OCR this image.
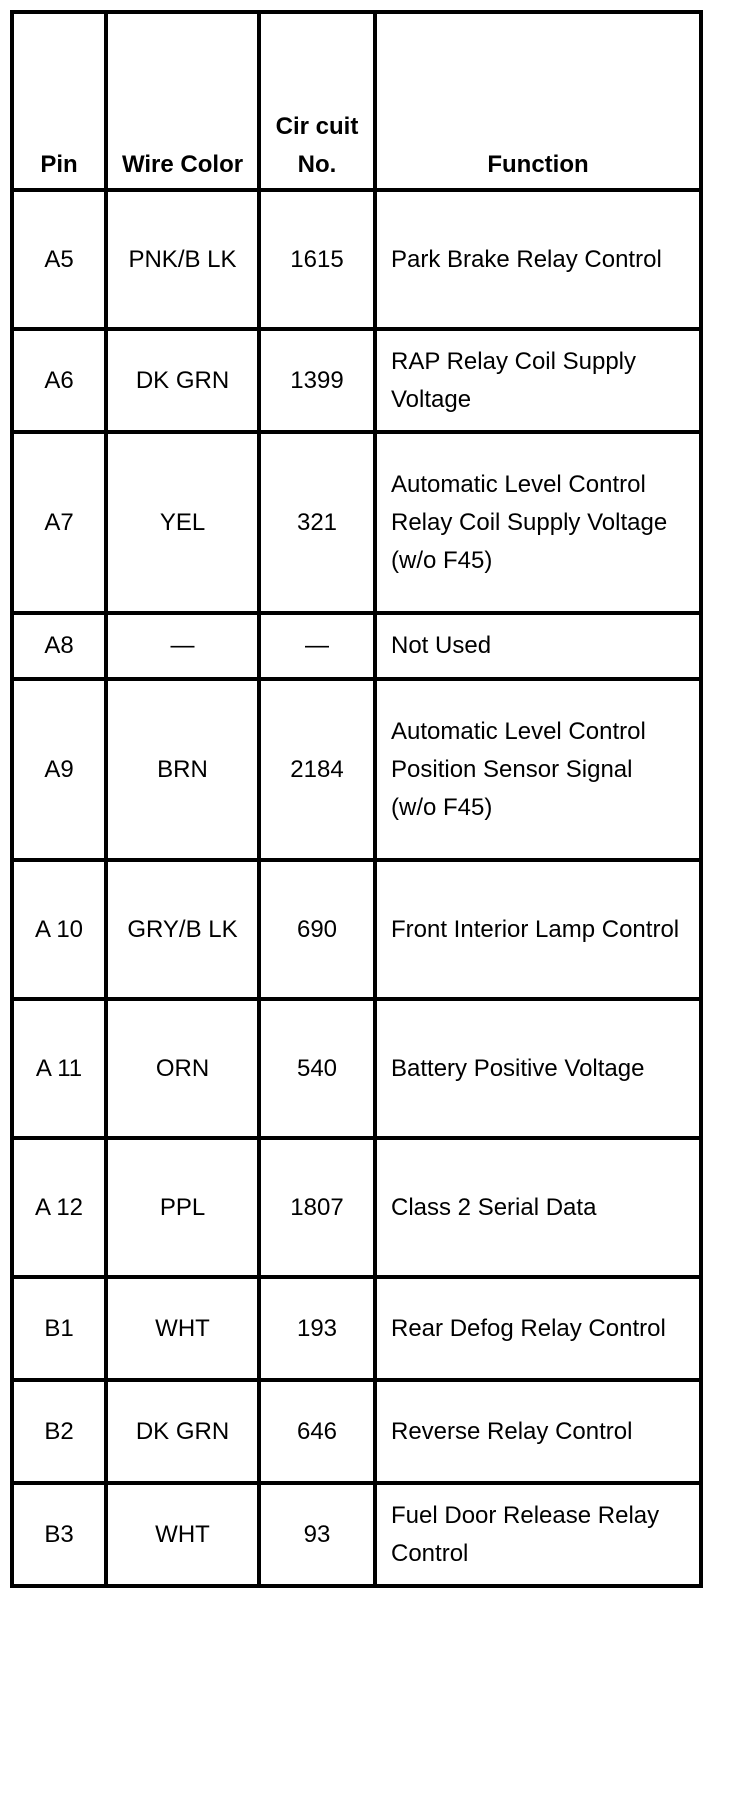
Pin	Wire Color	Cir cuit No.	Function
A5	PNK/B LK	1615	Park Brake Relay Control
A6	DK GRN	1399	RAP Relay Coil Supply Voltage
A7	YEL	321	Automatic Level Control Relay Coil Supply Voltage (w/o F45)
A8	—	—	Not Used
A9	BRN	2184	Automatic Level Control Position Sensor Signal (w/o F45)
A 10	GRY/B LK	690	Front Interior Lamp Control
A 11	ORN	540	Battery Positive Voltage
A 12	PPL	1807	Class 2 Serial Data
B1	WHT	193	Rear Defog Relay Control
B2	DK GRN	646	Reverse Relay Control
B3	WHT	93	Fuel Door Release Relay Control
